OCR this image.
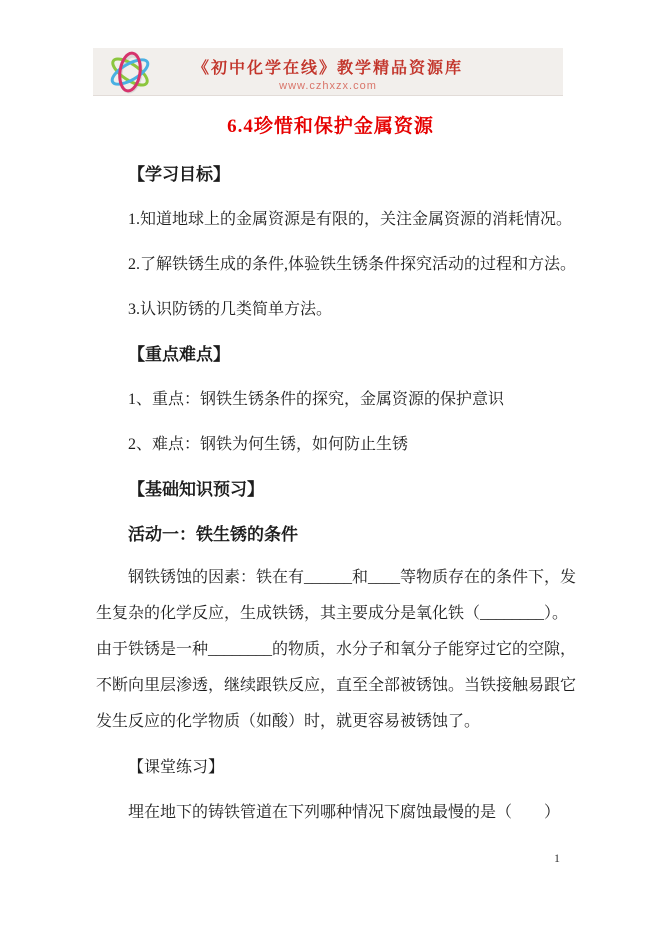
《初中化学在线》教学精品资源库
www.czhxzx.com
6.4珍惜和保护金属资源
【学习目标】
1.知道地球上的金属资源是有限的，关注金属资源的消耗情况。
2.了解铁锈生成的条件,体验铁生锈条件探究活动的过程和方法。
3.认识防锈的几类简单方法。
【重点难点】
1、重点：钢铁生锈条件的探究，金属资源的保护意识
2、难点：钢铁为何生锈，如何防止生锈
【基础知识预习】
活动一：铁生锈的条件
钢铁锈蚀的因素：铁在有______和____等物质存在的条件下，发
生复杂的化学反应，生成铁锈，其主要成分是氧化铁（________）。
由于铁锈是一种________的物质，水分子和氧分子能穿过它的空隙，
不断向里层渗透，继续跟铁反应，直至全部被锈蚀。当铁接触易跟它
发生反应的化学物质（如酸）时，就更容易被锈蚀了。
【课堂练习】
埋在地下的铸铁管道在下列哪种情况下腐蚀最慢的是（　　）
1
